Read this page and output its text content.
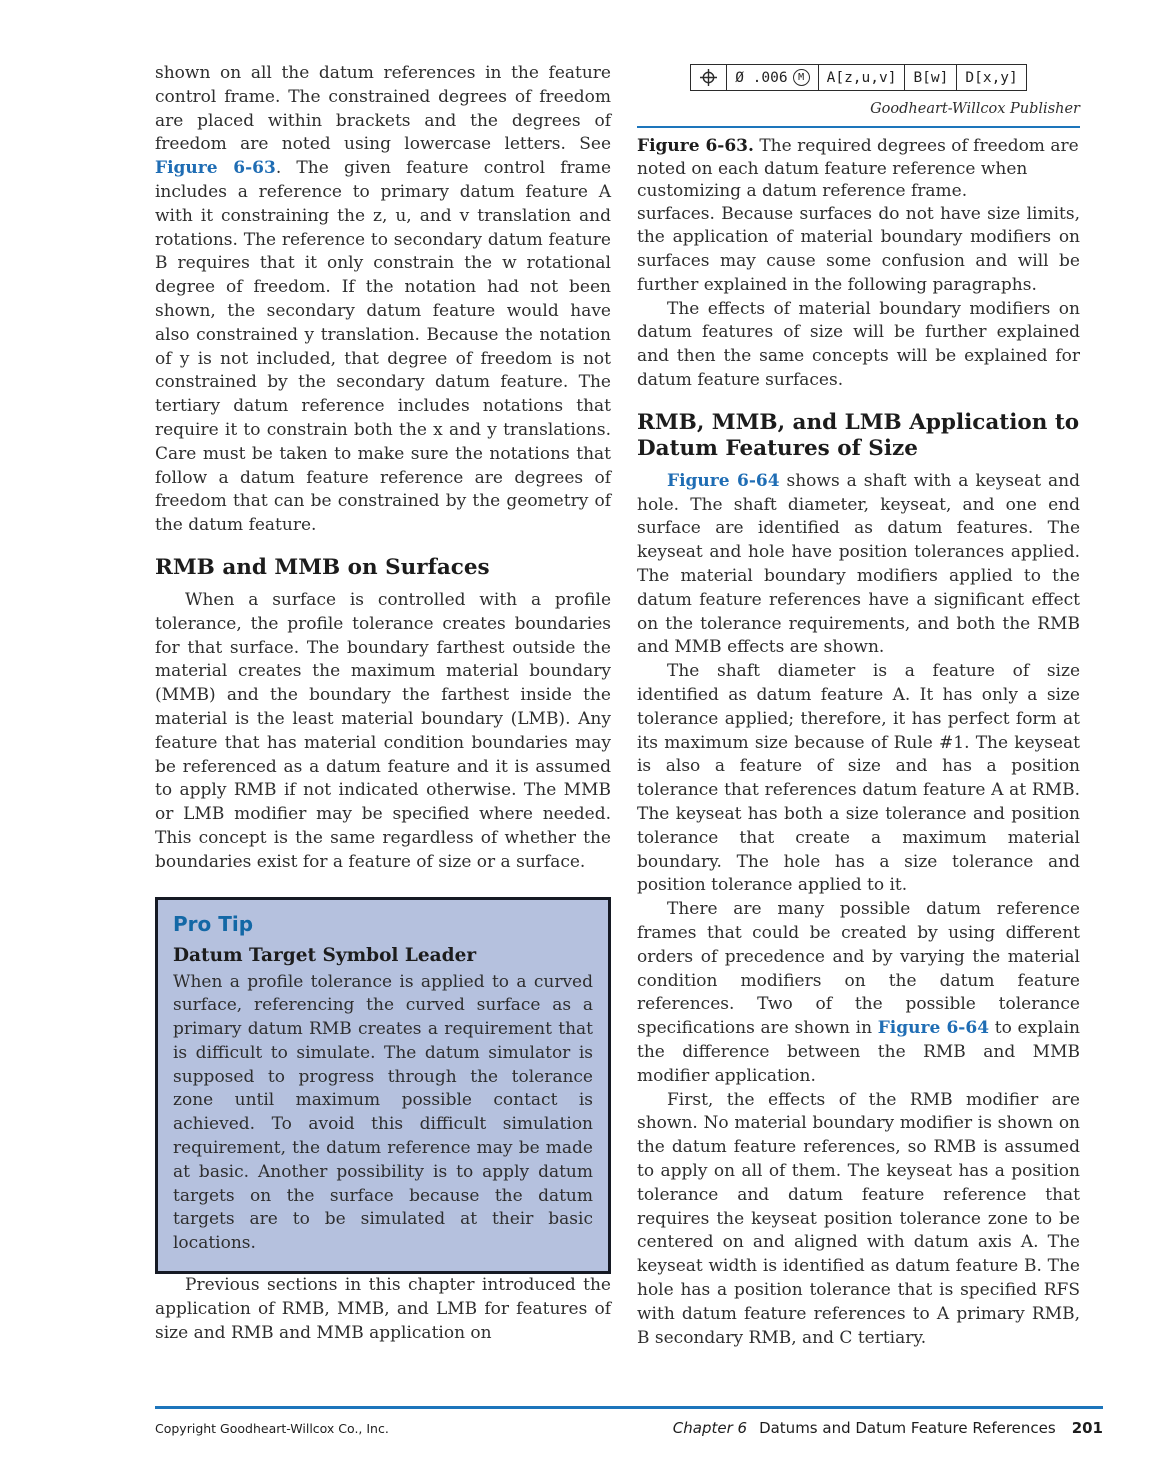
shown on all the datum references in the feature control frame. The constrained degrees of freedom are placed within brackets and the degrees of freedom are noted using lowercase letters. See Figure 6-63. The given feature control frame includes a reference to primary datum feature A with it constraining the z, u, and v translation and rotations. The reference to secondary datum feature B requires that it only constrain the w rotational degree of freedom. If the notation had not been shown, the secondary datum feature would have also constrained y translation. Because the notation of y is not included, that degree of freedom is not constrained by the secondary datum feature. The tertiary datum reference includes notations that require it to constrain both the x and y translations. Care must be taken to make sure the notations that follow a datum feature reference are degrees of freedom that can be constrained by the geometry of the datum feature.

RMB and MMB on Surfaces

When a surface is controlled with a profile tolerance, the profile tolerance creates boundaries for that surface. The boundary farthest outside the material creates the maximum material boundary (MMB) and the boundary the farthest inside the material is the least material boundary (LMB). Any feature that has material condition boundaries may be referenced as a datum feature and it is assumed to apply RMB if not indicated otherwise. The MMB or LMB modifier may be specified where needed. This concept is the same regardless of whether the boundaries exist for a feature of size or a surface.

Pro Tip
Datum Target Symbol Leader

When a profile tolerance is applied to a curved surface, referencing the curved surface as a primary datum RMB creates a requirement that is difficult to simulate. The datum simulator is supposed to progress through the tolerance zone until maximum possible contact is achieved. To avoid this difficult simulation requirement, the datum reference may be made at basic. Another possibility is to apply datum targets on the surface because the datum targets are to be simulated at their basic locations.

Previous sections in this chapter introduced the application of RMB, MMB, and LMB for features of size and RMB and MMB application on

Ø .006	M	A[z,u,v]	B[w]	D[x,y]
Goodheart-Willcox Publisher

Figure 6-63. The required degrees of freedom are noted on each datum feature reference when customizing a datum reference frame.

surfaces. Because surfaces do not have size limits, the application of material boundary modifiers on surfaces may cause some confusion and will be further explained in the following paragraphs.

The effects of material boundary modifiers on datum features of size will be further explained and then the same concepts will be explained for datum feature surfaces.

RMB, MMB, and LMB Application to Datum Features of Size

Figure 6-64 shows a shaft with a keyseat and hole. The shaft diameter, keyseat, and one end surface are identified as datum features. The keyseat and hole have position tolerances applied. The material boundary modifiers applied to the datum feature references have a significant effect on the tolerance requirements, and both the RMB and MMB effects are shown.

The shaft diameter is a feature of size identified as datum feature A. It has only a size tolerance applied; therefore, it has perfect form at its maximum size because of Rule #1. The keyseat is also a feature of size and has a position tolerance that references datum feature A at RMB. The keyseat has both a size tolerance and position tolerance that create a maximum material boundary. The hole has a size tolerance and position tolerance applied to it.

There are many possible datum reference frames that could be created by using different orders of precedence and by varying the material condition modifiers on the datum feature references. Two of the possible tolerance specifications are shown in Figure 6-64 to explain the difference between the RMB and MMB modifier application.

First, the effects of the RMB modifier are shown. No material boundary modifier is shown on the datum feature references, so RMB is assumed to apply on all of them. The keyseat has a position tolerance and datum feature reference that requires the keyseat position tolerance zone to be centered on and aligned with datum axis A. The keyseat width is identified as datum feature B. The hole has a position tolerance that is specified RFS with datum feature references to A primary RMB, B secondary RMB, and C tertiary.

Copyright Goodheart-Willcox Co., Inc.	Chapter 6 Datums and Datum Feature References 201
